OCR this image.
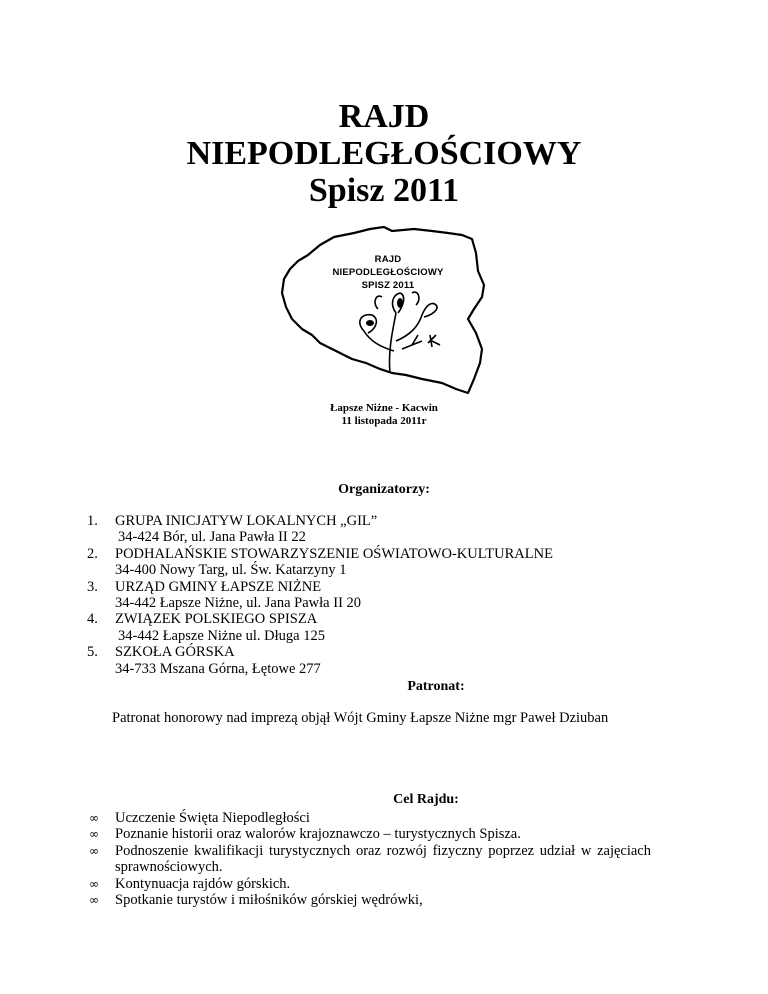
RAJD
NIEPODLEGŁOŚCIOWY
Spisz 2011
RAJD
NIEPODLEGŁOŚCIOWY
SPISZ 2011
Łapsze Niżne - Kacwin
11 listopada 2011r
Organizatorzy:
1. GRUPA INICJATYW LOKALNYCH „GIL”
34-424 Bór, ul. Jana Pawła II 22
2. PODHALAŃSKIE STOWARZYSZENIE OŚWIATOWO-KULTURALNE
34-400 Nowy Targ, ul. Św. Katarzyny 1
3. URZĄD GMINY ŁAPSZE NIŻNE
34-442 Łapsze Niżne, ul. Jana Pawła II 20
4. ZWIĄZEK POLSKIEGO SPISZA
34-442 Łapsze Niżne ul. Długa 125
5. SZKOŁA GÓRSKA
34-733 Mszana Górna, Łętowe 277
Patronat:
Patronat honorowy nad imprezą objął Wójt Gminy Łapsze Niżne mgr Paweł Dziuban
Cel Rajdu:
∞ Uczczenie Święta Niepodległości
∞ Poznanie historii oraz walorów krajoznawczo – turystycznych Spisza.
∞ Podnoszenie kwalifikacji turystycznych oraz rozwój fizyczny poprzez udział w zajęciach sprawnościowych.
∞ Kontynuacja rajdów górskich.
∞ Spotkanie turystów i miłośników górskiej wędrówki,
